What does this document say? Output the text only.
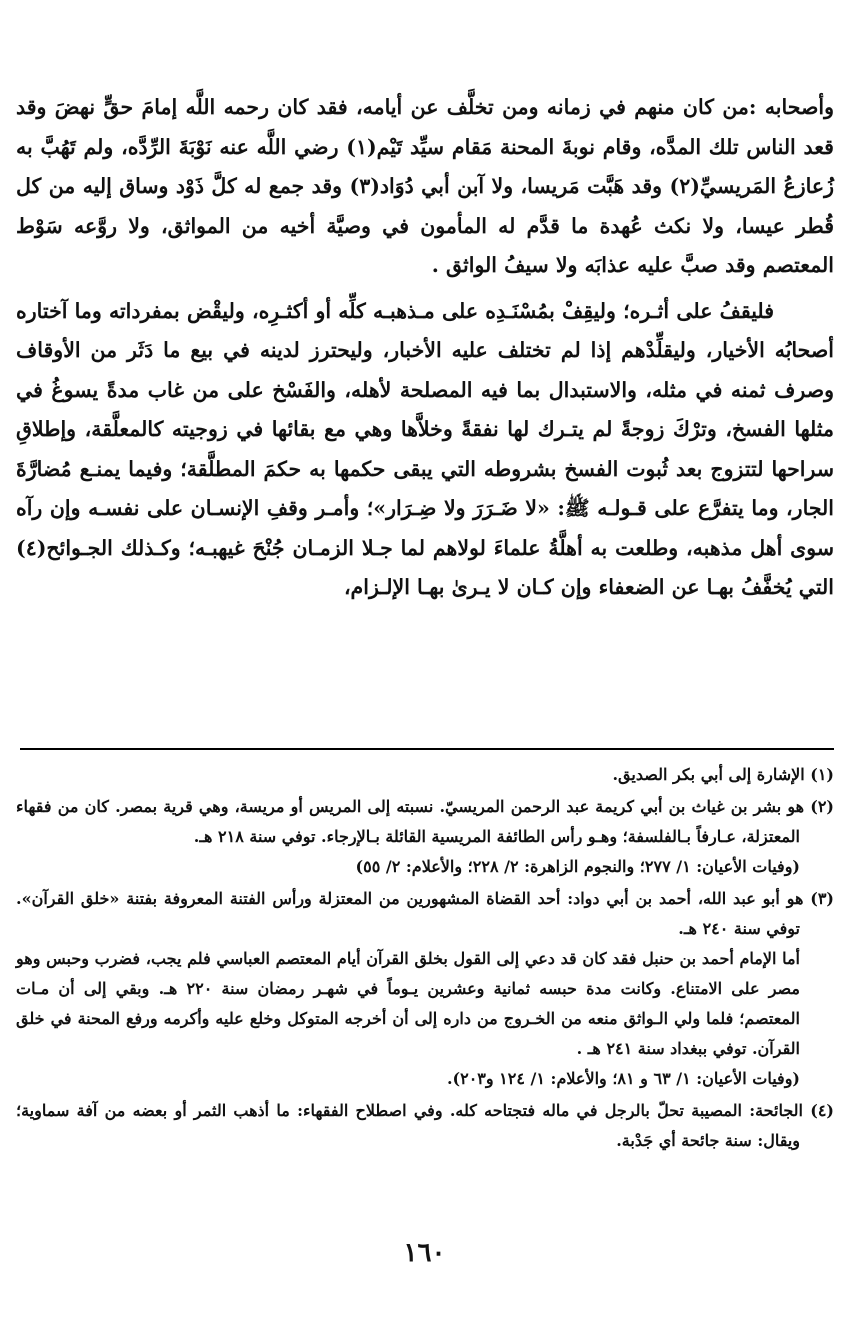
وأصحابه :من كان منهم في زمانه ومن تخلَّف عن أيامه، فقد كان رحمه اللَّه إمامَ حقٍّ نهضَ وقد قعد الناس تلك المدَّه، وقام نوبةَ المحنة مَقام سيِّد تَيْم(١) رضي اللَّه عنه نَوْبَةَ الرِّدَّه، ولم تَهُبَّ به زُعازعُ المَريسيِّ(٢) وقد هَبَّت مَريسا، ولا آبن أبي دُوَاد(٣) وقد جمع له كلَّ ذَوْد وساق إليه من كل قُطر عيسا، ولا نكث عُهدة ما قدَّم له المأمون في وصيَّة أخيه من المواثق، ولا روَّعه سَوْط المعتصم وقد صبَّ عليه عذابَه ولا سيفُ الواثق .

فليقفُ على أثـره؛ وليقِفْ بمُسْنَـدِه على مـذهبـه كلِّه أو أكثـرِه، وليقْض بمفرداته وما آختاره أصحابُه الأخيار، وليقلِّدْهم إذا لم تختلف عليه الأخبار، وليحترز لدينه في بيع ما دَثَر من الأوقاف وصرف ثمنه في مثله، والاستبدال بما فيه المصلحة لأهله، والفَسْخ على من غاب مدةً يسوغُ في مثلها الفسخ، وترْكَ زوجةً لم يتـرك لها نفقةً وخلاَّها وهي مع بقائها في زوجيته كالمعلَّقة، وإطلاقِ سراحها لتتزوج بعد ثُبوت الفسخ بشروطه التي يبقى حكمها به حكمَ المطلَّقة؛ وفيما يمنـع مُضارَّةَ الجار، وما يتفرَّع على قـولـه ﷺ: «لا ضَـرَرَ ولا ضِـرَار»؛ وأمـر وقفِ الإنسـان على نفسـه وإن رآه سوى أهل مذهبه، وطلعت به أهلَّةُ علماءَ لولاهم لما جـلا الزمـان جُنْحَ غيهبـه؛ وكـذلك الجـوائح(٤) التي يُخفَّفُ بهـا عن الضعفاء وإن كـان لا يـرىٰ بهـا الإلـزام،

(١) الإشارة إلى أبي بكر الصديق.

(٢) هو بشر بن غياث بن أبي كريمة عبد الرحمن المريسيّ. نسبته إلى المريس أو مريسة، وهي قرية بمصر. كان من فقهاء المعتزلة، عـارفاً بـالفلسفة؛ وهـو رأس الطائفة المريسية القائلة بـالإرجاء. توفي سنة ٢١٨ هـ.

(وفيات الأعيان: ١/ ٢٧٧؛ والنجوم الزاهرة: ٢/ ٢٢٨؛ والأعلام: ٢/ ٥٥)

(٣) هو أبو عبد الله، أحمد بن أبي دواد: أحد القضاة المشهورين من المعتزلة ورأس الفتنة المعروفة بفتنة «خلق القرآن». توفي سنة ٢٤٠ هـ.

أما الإمام أحمد بن حنبل فقد كان قد دعي إلى القول بخلق القرآن أيام المعتصم العباسي فلم يجب، فضرب وحبس وهو مصر على الامتناع. وكانت مدة حبسه ثمانية وعشرين يـوماً في شهـر رمضان سنة ٢٢٠ هـ. وبقي إلى أن مـات المعتصم؛ فلما ولي الـواثق منعه من الخـروج من داره إلى أن أخرجه المتوكل وخلع عليه وأكرمه ورفع المحنة في خلق القرآن. توفي ببغداد سنة ٢٤١ هـ .

(وفيات الأعيان: ١/ ٦٣ و ٨١؛ والأعلام: ١/ ١٢٤ و٢٠٣).

(٤) الجائحة: المصيبة تحلّ بالرجل في ماله فتجتاحه كله. وفي اصطلاح الفقهاء: ما أذهب الثمر أو بعضه من آفة سماوية؛ ويقال: سنة جائحة أي جَدْبة.

١٦٠
